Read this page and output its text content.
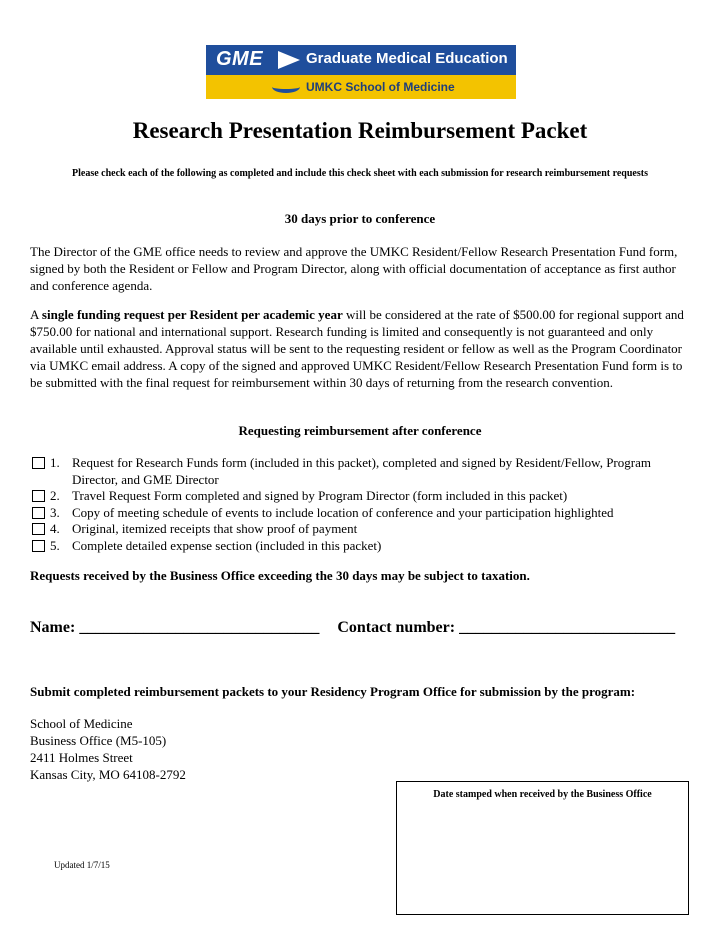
GME	Graduate Medical Education
UMKC School of Medicine
Research Presentation Reimbursement Packet
Please check each of the following as completed and include this check sheet with each submission for research reimbursement requests
30 days prior to conference

The Director of the GME office needs to review and approve the UMKC Resident/Fellow Research Presentation Fund form, signed by both the Resident or Fellow and Program Director, along with official documentation of acceptance as first author and conference agenda.

A single funding request per Resident per academic year will be considered at the rate of $500.00 for regional support and $750.00 for national and international support. Research funding is limited and consequently is not guaranteed and only available until exhausted. Approval status will be sent to the requesting resident or fellow as well as the Program Coordinator via UMKC email address. A copy of the signed and approved UMKC Resident/Fellow Research Presentation Fund form is to be submitted with the final request for reimbursement within 30 days of returning from the research convention.

Requesting reimbursement after conference
1. Request for Research Funds form (included in this packet), completed and signed by Resident/Fellow, Program Director, and GME Director
2. Travel Request Form completed and signed by Program Director (form included in this packet)
3. Copy of meeting schedule of events to include location of conference and your participation highlighted
4. Original, itemized receipts that show proof of payment
5. Complete detailed expense section (included in this packet)
Requests received by the Business Office exceeding the 30 days may be subject to taxation.
Name: ______________________________ Contact number: ___________________________
Submit completed reimbursement packets to your Residency Program Office for submission by the program:
School of Medicine
Business Office (M5-105)
2411 Holmes Street
Kansas City, MO 64108-2792
Date stamped when received by the Business Office
Updated 1/7/15
